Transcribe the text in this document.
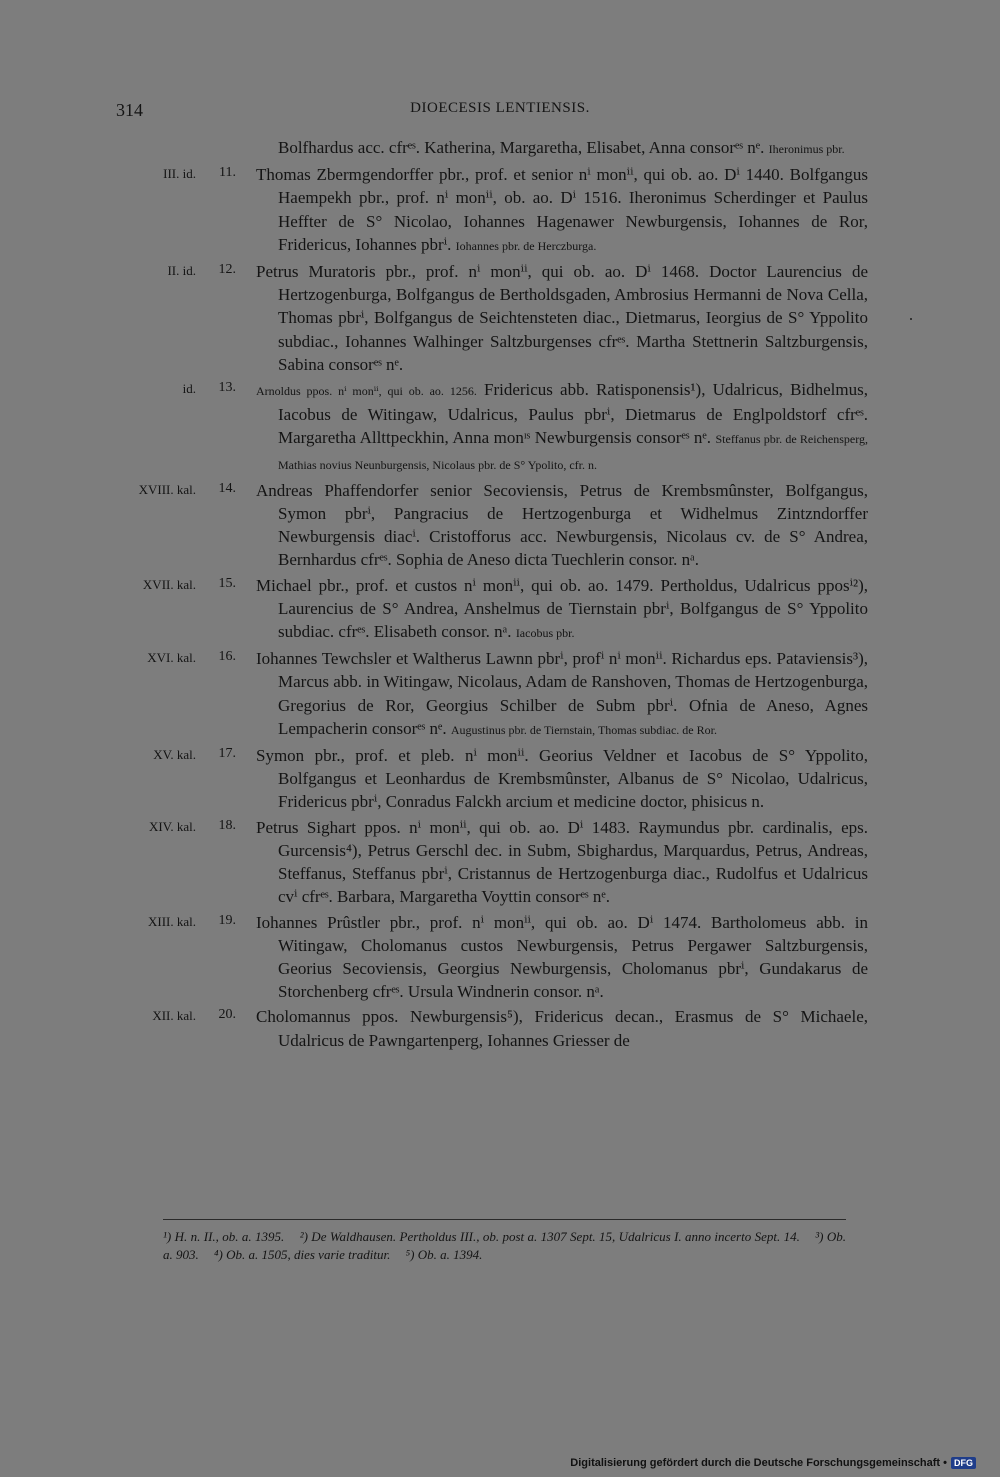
314	DIOECESIS LENTIENSIS.
Bolfhardus acc. cfrᵉˢ. Katherina, Margaretha, Elisabet, Anna consorᵉˢ nᵉ. Iheronimus pbr.
III. id.	11. Thomas Zbermgendorffer pbr., prof. et senior nⁱ monⁱⁱ, qui ob. ao. Dⁱ 1440. Bolfgangus Haempekh pbr., prof. nⁱ monⁱⁱ, ob. ao. Dⁱ 1516. Iheronimus Scherdinger et Paulus Heffter de S° Nicolao, Iohannes Hagenawer Newburgensis, Iohannes de Ror, Fridericus, Iohannes pbrⁱ. Iohannes pbr. de Herczburga.
II. id.	12. Petrus Muratoris pbr., prof. nⁱ monⁱⁱ, qui ob. ao. Dⁱ 1468. Doctor Laurencius de Hertzogenburga, Bolfgangus de Bertholdsgaden, Ambrosius Hermanni de Nova Cella, Thomas pbrⁱ, Bolfgangus de Seichtensteten diac., Dietmarus, Ieorgius de S° Yppolito subdiac., Iohannes Walhinger Saltzburgenses cfrᵉˢ. Martha Stettnerin Saltzburgensis, Sabina consorᵉˢ nᵉ.
id.	13. Arnoldus ppos. nⁱ monⁱⁱ, qui ob. ao. 1256. Fridericus abb. Ratisponensis¹), Udalricus, Bidhelmus, Iacobus de Witingaw, Udalricus, Paulus pbrⁱ, Dietmarus de Englpoldstorf cfrᵉˢ. Margaretha Allttpeckhin, Anna monᶦˢ Newburgensis consorᵉˢ nᵉ. Steffanus pbr. de Reichensperg, Mathias novius Neunburgensis, Nicolaus pbr. de S° Ypolito, cfr. n.
XVIII. kal.	14. Andreas Phaffendorfer senior Secoviensis, Petrus de Krembsmûnster, Bolfgangus, Symon pbrⁱ, Pangracius de Hertzogenburga et Widhelmus Zintzndorffer Newburgensis diacⁱ. Cristofforus acc. Newburgensis, Nicolaus cv. de S° Andrea, Bernhardus cfrᵉˢ. Sophia de Aneso dicta Tuechlerin consor. nᵃ.
XVII. kal.	15. Michael pbr., prof. et custos nⁱ monⁱⁱ, qui ob. ao. 1479. Pertholdus, Udalricus pposⁱ²), Laurencius de S° Andrea, Anshelmus de Tiernstain pbrⁱ, Bolfgangus de S° Yppolito subdiac. cfrᵉˢ. Elisabeth consor. nᵃ. Iacobus pbr.
XVI. kal.	16. Iohannes Tewchsler et Waltherus Lawnn pbrⁱ, profⁱ nⁱ monⁱⁱ. Richardus eps. Pataviensis³), Marcus abb. in Witingaw, Nicolaus, Adam de Ranshoven, Thomas de Hertzogenburga, Gregorius de Ror, Georgius Schilber de Subm pbrⁱ. Ofnia de Aneso, Agnes Lempacherin consorᵉˢ nᵉ. Augustinus pbr. de Tiernstain, Thomas subdiac. de Ror.
XV. kal.	17. Symon pbr., prof. et pleb. nⁱ monⁱⁱ. Georius Veldner et Iacobus de S° Yppolito, Bolfgangus et Leonhardus de Krembsmûnster, Albanus de S° Nicolao, Udalricus, Fridericus pbrⁱ, Conradus Falckh arcium et medicine doctor, phisicus n.
XIV. kal.	18. Petrus Sighart ppos. nⁱ monⁱⁱ, qui ob. ao. Dⁱ 1483. Raymundus pbr. cardinalis, eps. Gurcensis⁴), Petrus Gerschl dec. in Subm, Sbighardus, Marquardus, Petrus, Andreas, Steffanus, Steffanus pbrⁱ, Cristannus de Hertzogenburga diac., Rudolfus et Udalricus cvⁱ cfrᵉˢ. Barbara, Margaretha Voyttin consorᵉˢ nᵉ.
XIII. kal.	19. Iohannes Prûstler pbr., prof. nⁱ monⁱⁱ, qui ob. ao. Dⁱ 1474. Bartholomeus abb. in Witingaw, Cholomanus custos Newburgensis, Petrus Pergawer Saltzburgensis, Georius Secoviensis, Georgius Newburgensis, Cholomanus pbrⁱ, Gundakarus de Storchenberg cfrᵉˢ. Ursula Windnerin consor. nᵃ.
XII. kal.	20. Cholomannus ppos. Newburgensis⁵), Fridericus decan., Erasmus de S° Michaele, Udalricus de Pawngartenperg, Iohannes Griesser de
¹) H. n. II., ob. a. 1395. ²) De Waldhausen. Pertholdus III., ob. post a. 1307 Sept. 15, Udalricus I. anno incerto Sept. 14. ³) Ob. a. 903. ⁴) Ob. a. 1505, dies varie traditur. ⁵) Ob. a. 1394.
Digitalisierung gefördert durch die Deutsche Forschungsgemeinschaft • DFG
